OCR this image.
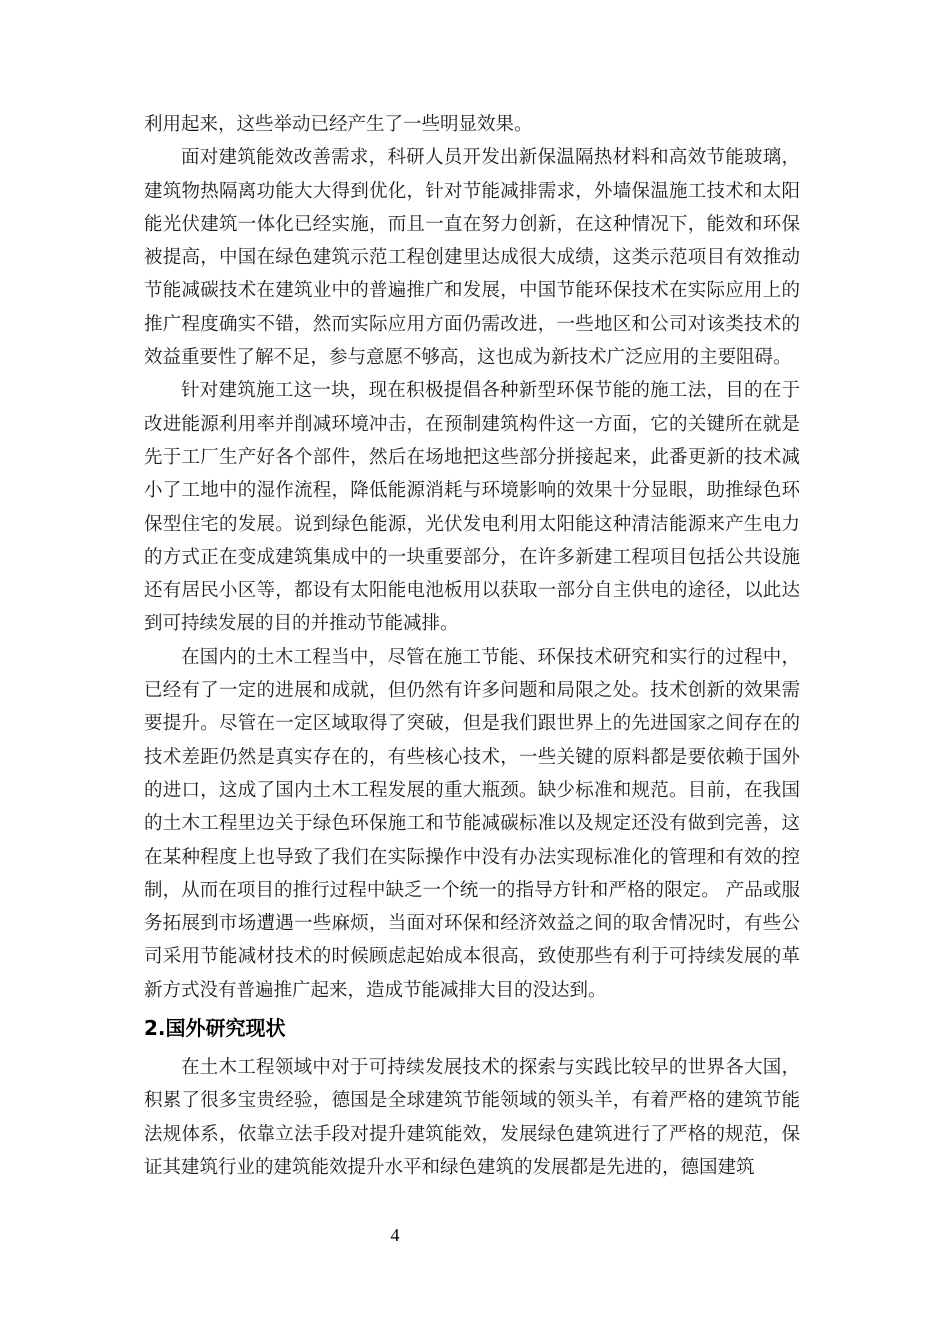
利用起来，这些举动已经产生了一些明显效果。

面对建筑能效改善需求，科研人员开发出新保温隔热材料和高效节能玻璃，建筑物热隔离功能大大得到优化，针对节能减排需求，外墙保温施工技术和太阳能光伏建筑一体化已经实施，而且一直在努力创新，在这种情况下，能效和环保被提高，中国在绿色建筑示范工程创建里达成很大成绩，这类示范项目有效推动节能减碳技术在建筑业中的普遍推广和发展，中国节能环保技术在实际应用上的推广程度确实不错，然而实际应用方面仍需改进，一些地区和公司对该类技术的效益重要性了解不足，参与意愿不够高，这也成为新技术广泛应用的主要阻碍。

针对建筑施工这一块，现在积极提倡各种新型环保节能的施工法，目的在于改进能源利用率并削减环境冲击，在预制建筑构件这一方面，它的关键所在就是先于工厂生产好各个部件，然后在场地把这些部分拼接起来，此番更新的技术减小了工地中的湿作流程，降低能源消耗与环境影响的效果十分显眼，助推绿色环保型住宅的发展。说到绿色能源，光伏发电利用太阳能这种清洁能源来产生电力的方式正在变成建筑集成中的一块重要部分，在许多新建工程项目包括公共设施还有居民小区等，都设有太阳能电池板用以获取一部分自主供电的途径，以此达到可持续发展的目的并推动节能减排。

在国内的土木工程当中，尽管在施工节能、环保技术研究和实行的过程中，已经有了一定的进展和成就，但仍然有许多问题和局限之处。技术创新的效果需要提升。尽管在一定区域取得了突破，但是我们跟世界上的先进国家之间存在的技术差距仍然是真实存在的，有些核心技术，一些关键的原料都是要依赖于国外的进口，这成了国内土木工程发展的重大瓶颈。缺少标准和规范。目前，在我国的土木工程里边关于绿色环保施工和节能减碳标准以及规定还没有做到完善，这在某种程度上也导致了我们在实际操作中没有办法实现标准化的管理和有效的控制，从而在项目的推行过程中缺乏一个统一的指导方针和严格的限定。 产品或服务拓展到市场遭遇一些麻烦，当面对环保和经济效益之间的取舍情况时，有些公司采用节能减材技术的时候顾虑起始成本很高，致使那些有利于可持续发展的革新方式没有普遍推广起来，造成节能减排大目的没达到。

2.国外研究现状

在土木工程领域中对于可持续发展技术的探索与实践比较早的世界各大国，积累了很多宝贵经验，德国是全球建筑节能领域的领头羊，有着严格的建筑节能法规体系，依靠立法手段对提升建筑能效，发展绿色建筑进行了严格的规范，保证其建筑行业的建筑能效提升水平和绿色建筑的发展都是先进的，德国建筑

4
